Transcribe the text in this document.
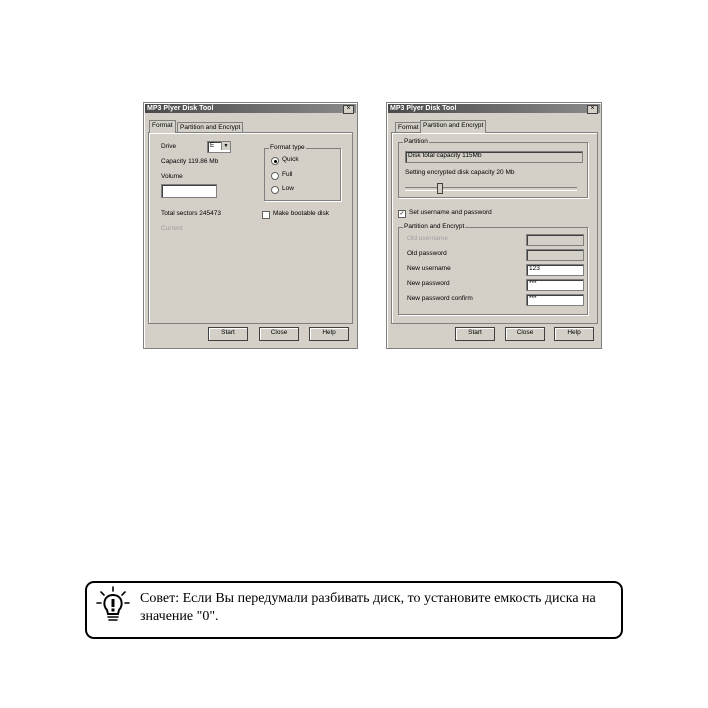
MP3 Plyer Disk Tool	×
Format	Partition and Encrypt
Drive	E	▼
Capacity 119.86 Mb
Volume
Format type
Quick
Full
Low
Total sectors 245473	Make bootable disk
Current
Start	Close	Help
MP3 Plyer Disk Tool	×
Format Partition and Encrypt
Partition
Disk total capacity 115Mb
Setting encrypted disk capacity 20 Mb
✓ Set username and password
Partition and Encrypt
Old username
Old password
New username	123
New password	***
New password confirm	***
Start	Close	Help
Совет: Если Вы передумали разбивать диск, то установите емкость диска на значение "0".
